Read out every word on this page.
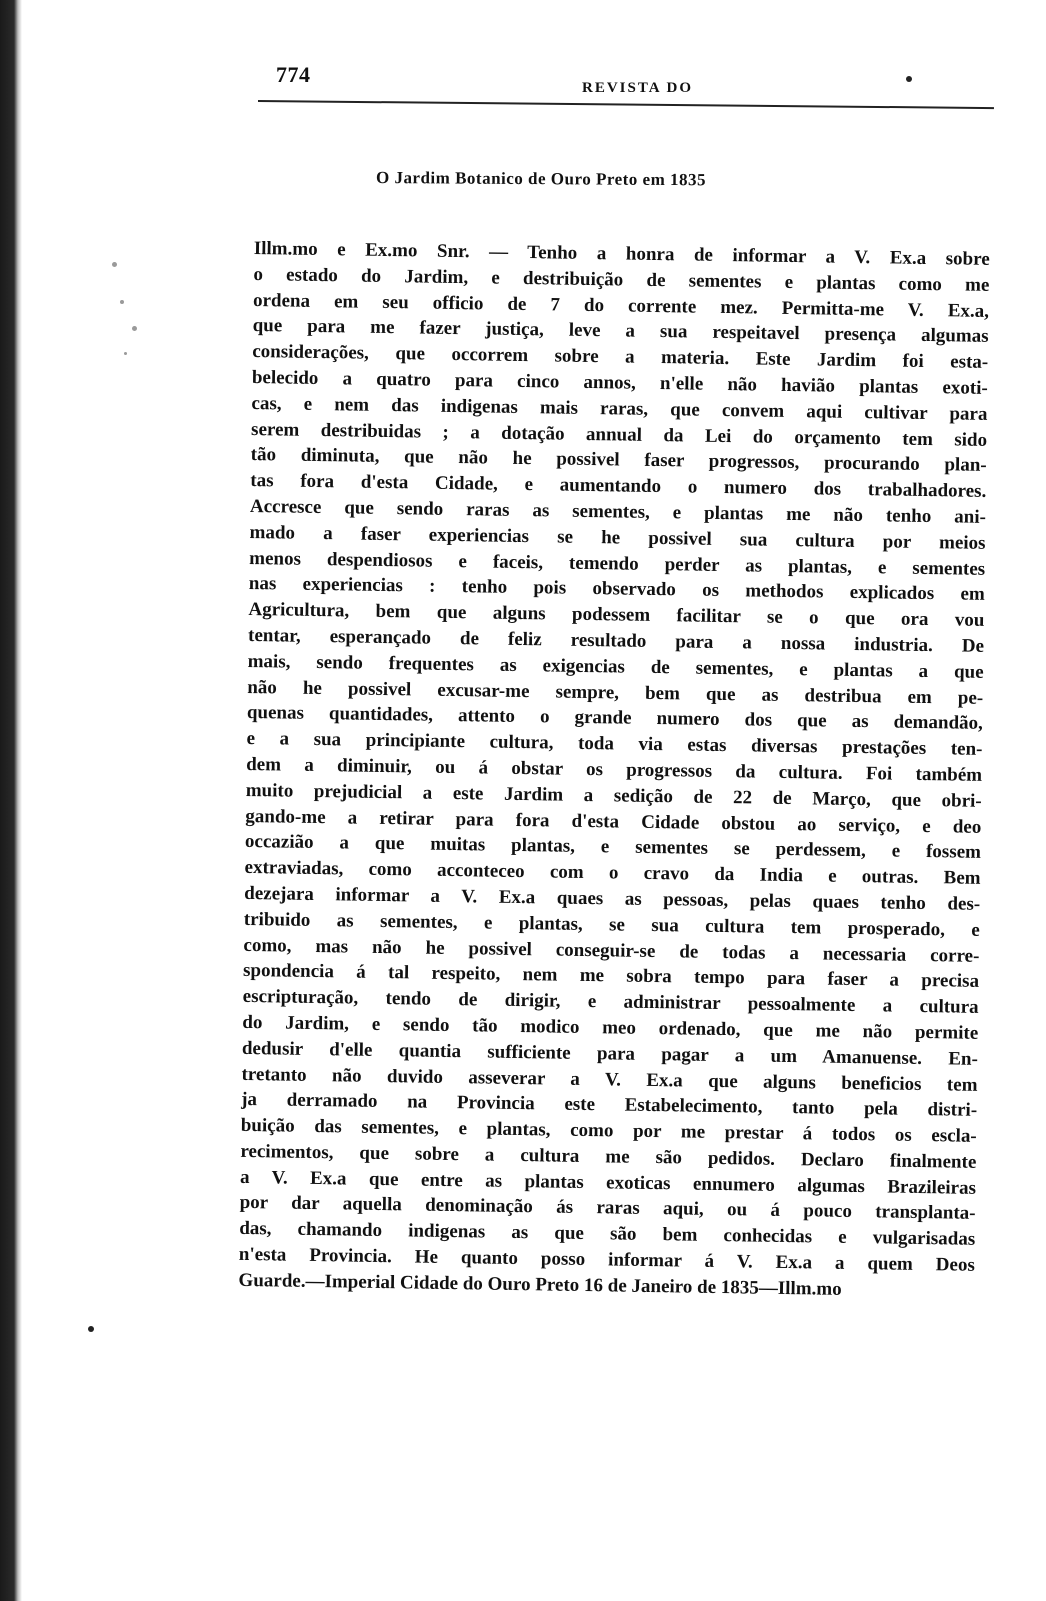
774
REVISTA DO
O Jardim Botanico de Ouro Preto em 1835
Illm.mo e Ex.mo Snr. — Tenho a honra de informar a V. Ex.a sobre
o estado do Jardim, e destribuição de sementes e plantas como me
ordena em seu officio de 7 do corrente mez. Permitta-me V. Ex.a,
que para me fazer justiça, leve a sua respeitavel presença algumas
considerações, que occorrem sobre a materia. Este Jardim foi esta-
belecido a quatro para cinco annos, n'elle não havião plantas exoti-
cas, e nem das indigenas mais raras, que convem aqui cultivar para
serem destribuidas ; a dotação annual da Lei do orçamento tem sido
tão diminuta, que não he possivel faser progressos, procurando plan-
tas fora d'esta Cidade, e aumentando o numero dos trabalhadores.
Accresce que sendo raras as sementes, e plantas me não tenho ani-
mado a faser experiencias se he possivel sua cultura por meios
menos despendiosos e faceis, temendo perder as plantas, e sementes
nas experiencias : tenho pois observado os methodos explicados em
Agricultura, bem que alguns podessem facilitar se o que ora vou
tentar, esperançado de feliz resultado para a nossa industria. De
mais, sendo frequentes as exigencias de sementes, e plantas a que
não he possivel excusar-me sempre, bem que as destribua em pe-
quenas quantidades, attento o grande numero dos que as demandão,
e a sua principiante cultura, toda via estas diversas prestações ten-
dem a diminuir, ou á obstar os progressos da cultura. Foi também
muito prejudicial a este Jardim a sedição de 22 de Março, que obri-
gando-me a retirar para fora d'esta Cidade obstou ao serviço, e deo
occazião a que muitas plantas, e sementes se perdessem, e fossem
extraviadas, como acconteceo com o cravo da India e outras. Bem
dezejara informar a V. Ex.a quaes as pessoas, pelas quaes tenho des-
tribuido as sementes, e plantas, se sua cultura tem prosperado, e
como, mas não he possivel conseguir-se de todas a necessaria corre-
spondencia á tal respeito, nem me sobra tempo para faser a precisa
escripturação, tendo de dirigir, e administrar pessoalmente a cultura
do Jardim, e sendo tão modico meo ordenado, que me não permite
dedusir d'elle quantia sufficiente para pagar a um Amanuense. En-
tretanto não duvido asseverar a V. Ex.a que alguns beneficios tem
ja derramado na Provincia este Estabelecimento, tanto pela distri-
buição das sementes, e plantas, como por me prestar á todos os escla-
recimentos, que sobre a cultura me são pedidos. Declaro finalmente
a V. Ex.a que entre as plantas exoticas ennumero algumas Brazileiras
por dar aquella denominação ás raras aqui, ou á pouco transplanta-
das, chamando indigenas as que são bem conhecidas e vulgarisadas
n'esta Provincia. He quanto posso informar á V. Ex.a a quem Deos
Guarde.—Imperial Cidade do Ouro Preto 16 de Janeiro de 1835—Illm.mo
